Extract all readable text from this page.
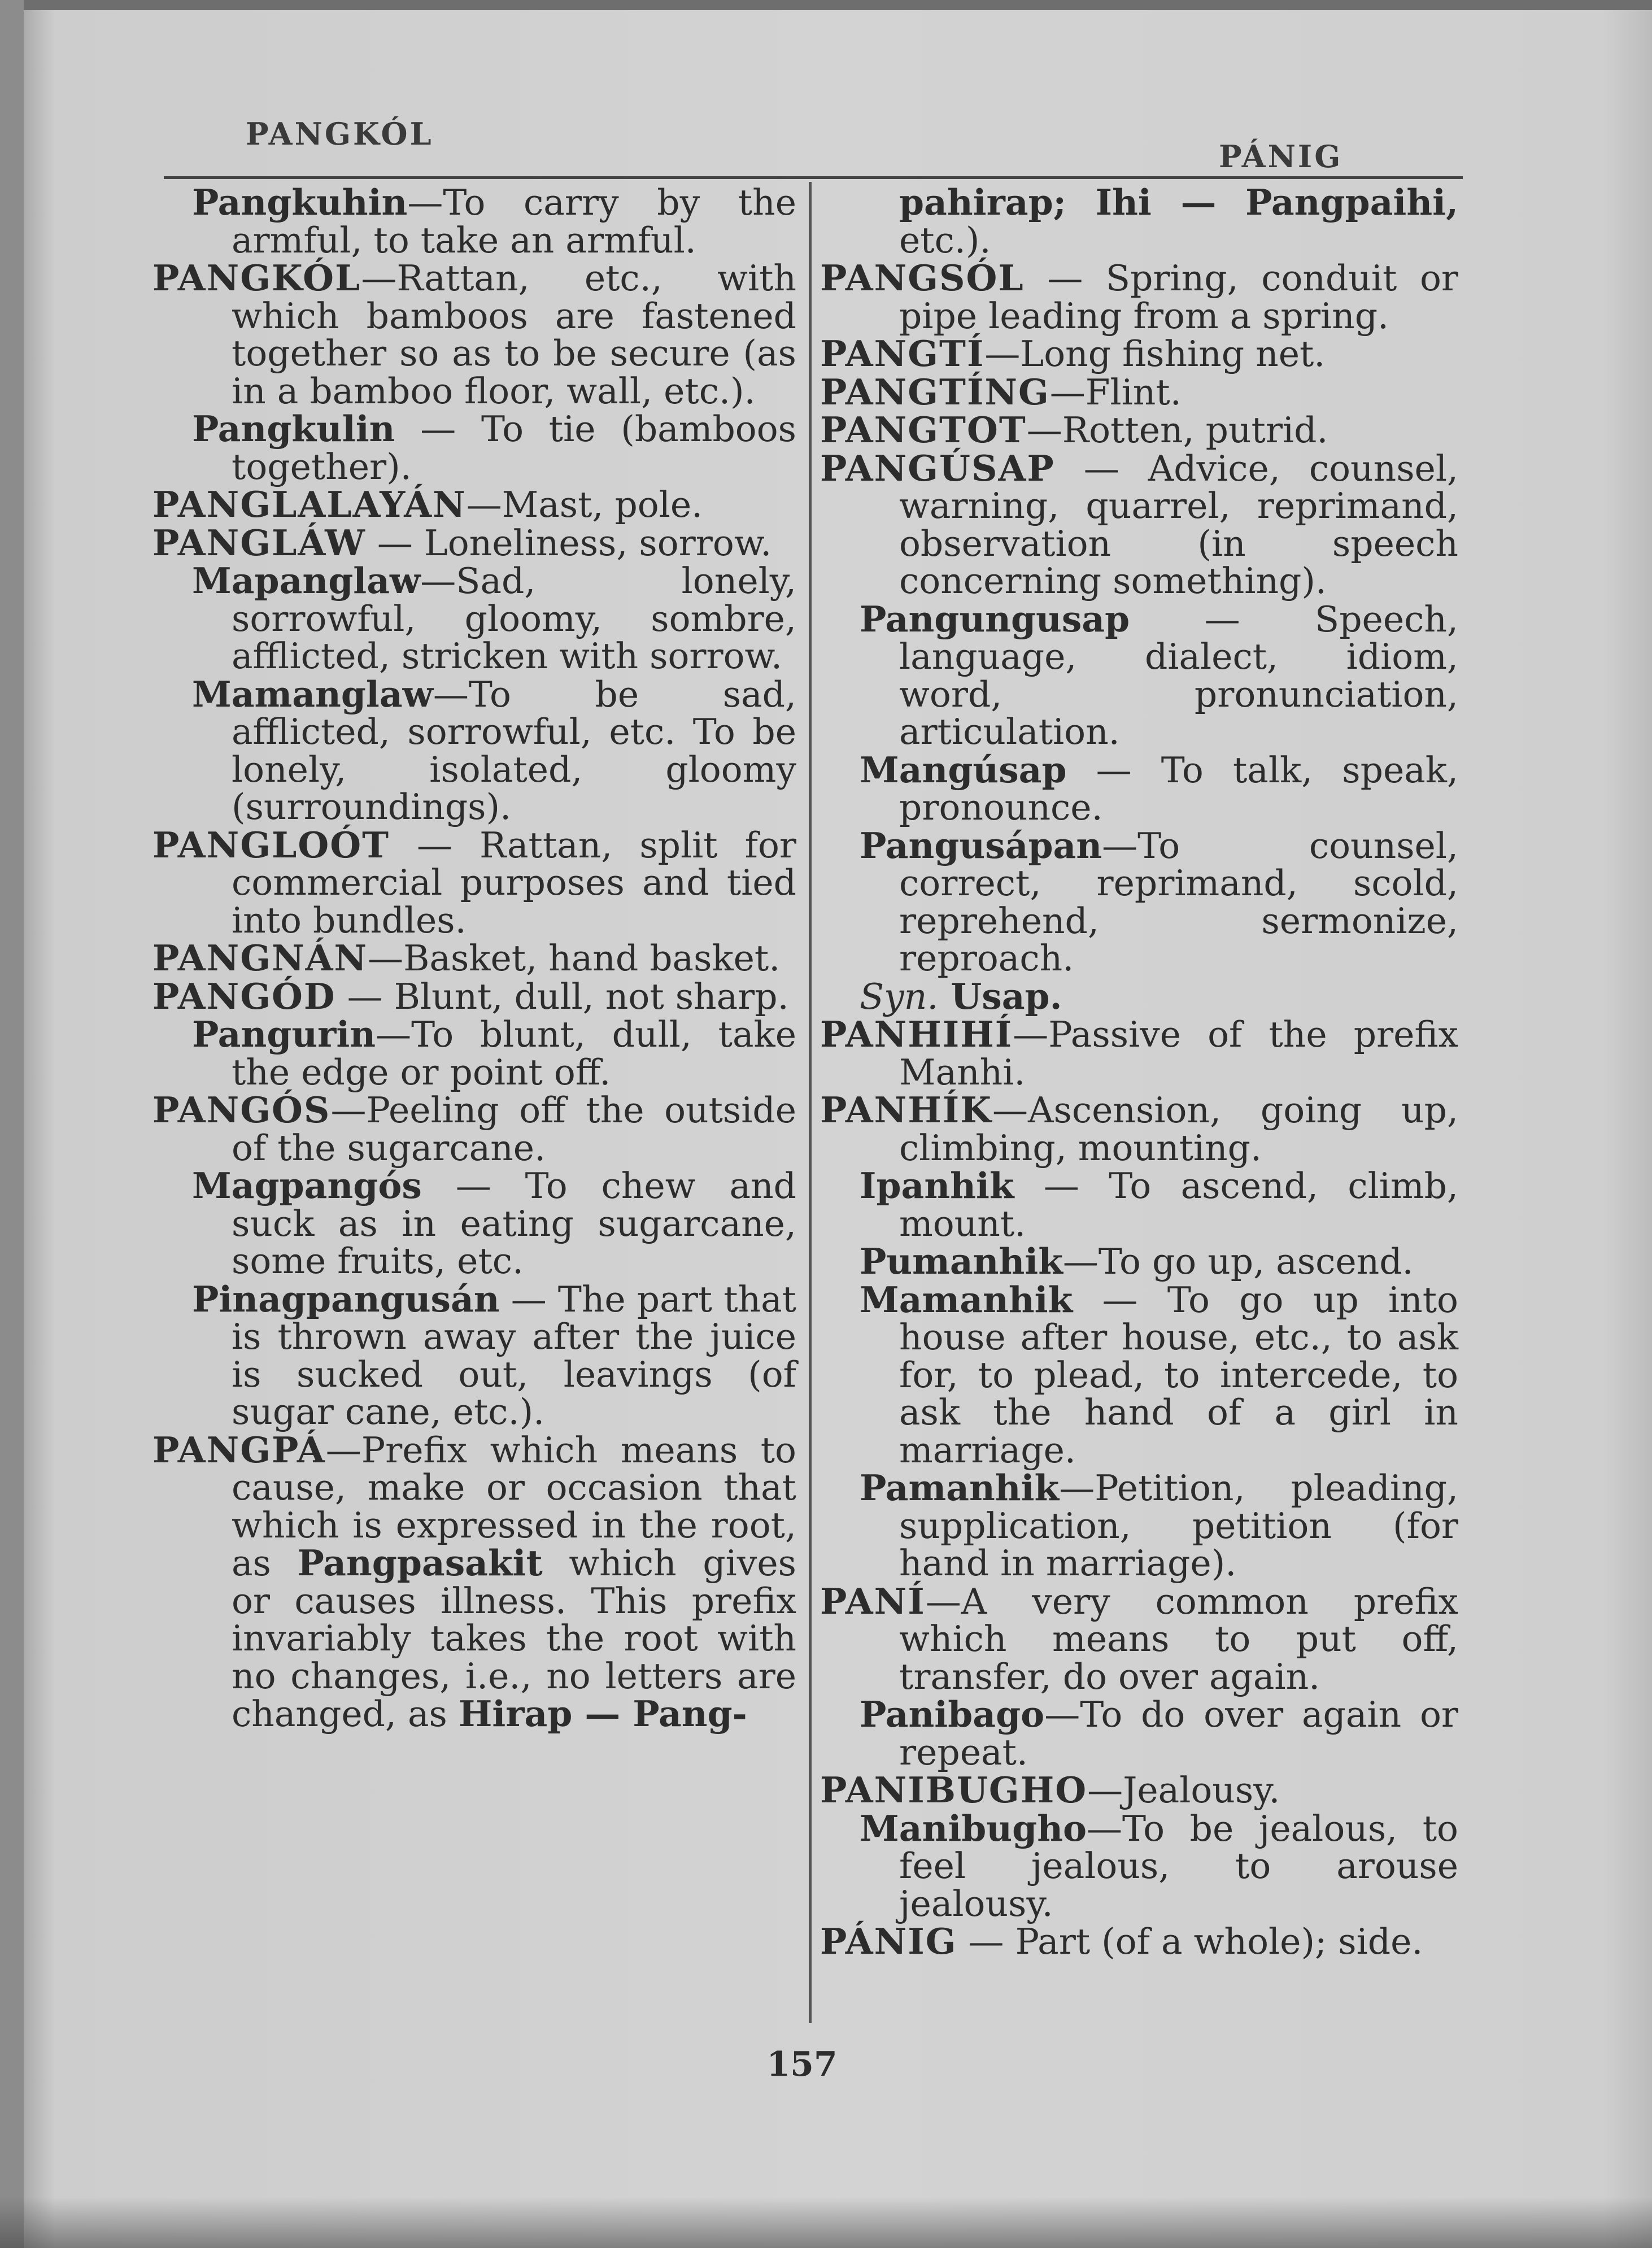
PANGKÓL
PÁNIG

Pangkuhin—To carry by the armful, to take an armful.

PANGKÓL—Rattan, etc., with which bamboos are fastened together so as to be secure (as in a bamboo floor, wall, etc.).

Pangkulin — To tie (bamboos together).

PANGLALAYÁN—Mast, pole.

PANGLÁW — Loneliness, sorrow.

Mapanglaw—Sad, lonely, sorrowful, gloomy, sombre, afflicted, stricken with sorrow.

Mamanglaw—To be sad, afflicted, sorrowful, etc. To be lonely, isolated, gloomy (surroundings).

PANGLOÓT — Rattan, split for commercial purposes and tied into bundles.

PANGNÁN—Basket, hand basket.

PANGÓD — Blunt, dull, not sharp.

Pangurin—To blunt, dull, take the edge or point off.

PANGÓS—Peeling off the outside of the sugarcane.

Magpangós — To chew and suck as in eating sugarcane, some fruits, etc.

Pinagpangusán — The part that is thrown away after the juice is sucked out, leavings (of sugar cane, etc.).

PANGPÁ—Prefix which means to cause, make or occasion that which is expressed in the root, as Pangpasakit which gives or causes illness. This prefix invariably takes the root with no changes, i.e., no letters are changed, as Hirap — Pang-

pahirap; Ihi — Pangpaihi, etc.).

PANGSÓL — Spring, conduit or pipe leading from a spring.

PANGTÍ—Long fishing net.

PANGTÍNG—Flint.

PANGTOT—Rotten, putrid.

PANGÚSAP — Advice, counsel, warning, quarrel, reprimand, observation (in speech concerning something).

Pangungusap — Speech, language, dialect, idiom, word, pronunciation, articulation.

Mangúsap — To talk, speak, pronounce.

Pangusápan—To counsel, correct, reprimand, scold, reprehend, sermonize, reproach.

Syn. Usap.

PANHIHÍ—Passive of the prefix Manhi.

PANHÍK—Ascension, going up, climbing, mounting.

Ipanhik — To ascend, climb, mount.

Pumanhik—To go up, ascend.

Mamanhik — To go up into house after house, etc., to ask for, to plead, to intercede, to ask the hand of a girl in marriage.

Pamanhik—Petition, pleading, supplication, petition (for hand in marriage).

PANÍ—A very common prefix which means to put off, transfer, do over again.

Panibago—To do over again or repeat.

PANIBUGHO—Jealousy.

Manibugho—To be jealous, to feel jealous, to arouse jealousy.

PÁNIG — Part (of a whole); side.

157
